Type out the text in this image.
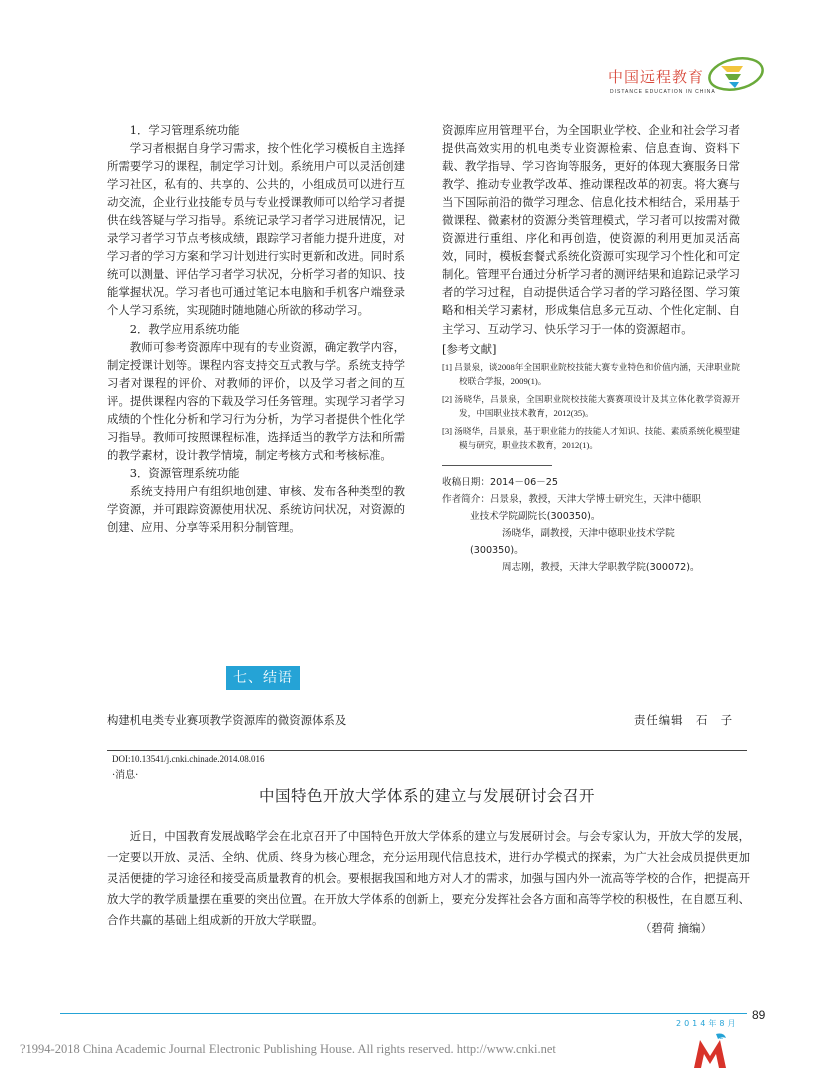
中国远程教育
DISTANCE EDUCATION IN CHINA

1．学习管理系统功能

学习者根据自身学习需求，按个性化学习模板自主选择所需要学习的课程，制定学习计划。系统用户可以灵活创建学习社区，私有的、共享的、公共的，小组成员可以进行互动交流，企业行业技能专员与专业授课教师可以给学习者提供在线答疑与学习指导。系统记录学习者学习进展情况，记录学习者学习节点考核成绩，跟踪学习者能力提升进度，对学习者的学习方案和学习计划进行实时更新和改进。同时系统可以测量、评估学习者学习状况，分析学习者的知识、技能掌握状况。学习者也可通过笔记本电脑和手机客户端登录个人学习系统，实现随时随地随心所欲的移动学习。

2．教学应用系统功能

教师可参考资源库中现有的专业资源，确定教学内容，制定授课计划等。课程内容支持交互式教与学。系统支持学习者对课程的评价、对教师的评价，以及学习者之间的互评。提供课程内容的下载及学习任务管理。实现学习者学习成绩的个性化分析和学习行为分析，为学习者提供个性化学习指导。教师可按照课程标准，选择适当的教学方法和所需的教学素材，设计教学情境，制定考核方式和考核标准。

3．资源管理系统功能

系统支持用户有组织地创建、审核、发布各种类型的教学资源，并可跟踪资源使用状况、系统访问状况，对资源的创建、应用、分享等采用积分制管理。

资源库应用管理平台，为全国职业学校、企业和社会学习者提供高效实用的机电类专业资源检索、信息查询、资料下载、教学指导、学习咨询等服务，更好的体现大赛服务日常教学、推动专业教学改革、推动课程改革的初衷。将大赛与当下国际前沿的微学习理念、信息化技术相结合，采用基于微课程、微素材的资源分类管理模式，学习者可以按需对微资源进行重组、序化和再创造，使资源的利用更加灵活高效，同时，模板套餐式系统化资源可实现学习个性化和可定制化。管理平台通过分析学习者的测评结果和追踪记录学习者的学习过程，自动提供适合学习者的学习路径图、学习策略和相关学习素材，形成集信息多元互动、个性化定制、自主学习、互动学习、快乐学习于一体的资源超市。

[参考文献]

[1] 吕景泉，谈2008年全国职业院校技能大赛专业特色和价值内涵，天津职业院校联合学报，2009(1)。

[2] 汤晓华，吕景泉，全国职业院校技能大赛赛项设计及其立体化教学资源开发，中国职业技术教育，2012(35)。

[3] 汤晓华，吕景泉，基于职业能力的技能人才知识、技能、素质系统化模型建模与研究，职业技术教育，2012(1)。

收稿日期：2014－06－25

作者简介：吕景泉，教授，天津大学博士研究生，天津中德职

业技术学院副院长(300350)。

汤晓华，副教授，天津中德职业技术学院

(300350)。

周志刚，教授，天津大学职教学院(300072)。

七、结语
构建机电类专业赛项教学资源库的微资源体系及	责任编辑　石　子
DOI:10.13541/j.cnki.chinade.2014.08.016
·消息·
中国特色开放大学体系的建立与发展研讨会召开

近日，中国教育发展战略学会在北京召开了中国特色开放大学体系的建立与发展研讨会。与会专家认为，开放大学的发展，一定要以开放、灵活、全纳、优质、终身为核心理念，充分运用现代信息技术，进行办学模式的探索，为广大社会成员提供更加灵活便捷的学习途径和接受高质量教育的机会。要根据我国和地方对人才的需求，加强与国内外一流高等学校的合作，把提高开放大学的教学质量摆在重要的突出位置。在开放大学体系的创新上，要充分发挥社会各方面和高等学校的积极性，在自愿互利、合作共赢的基础上组成新的开放大学联盟。

（碧荷 摘编）
2014年8月
89
?1994-2018 China Academic Journal Electronic Publishing House. All rights reserved. http://www.cnki.net
e
